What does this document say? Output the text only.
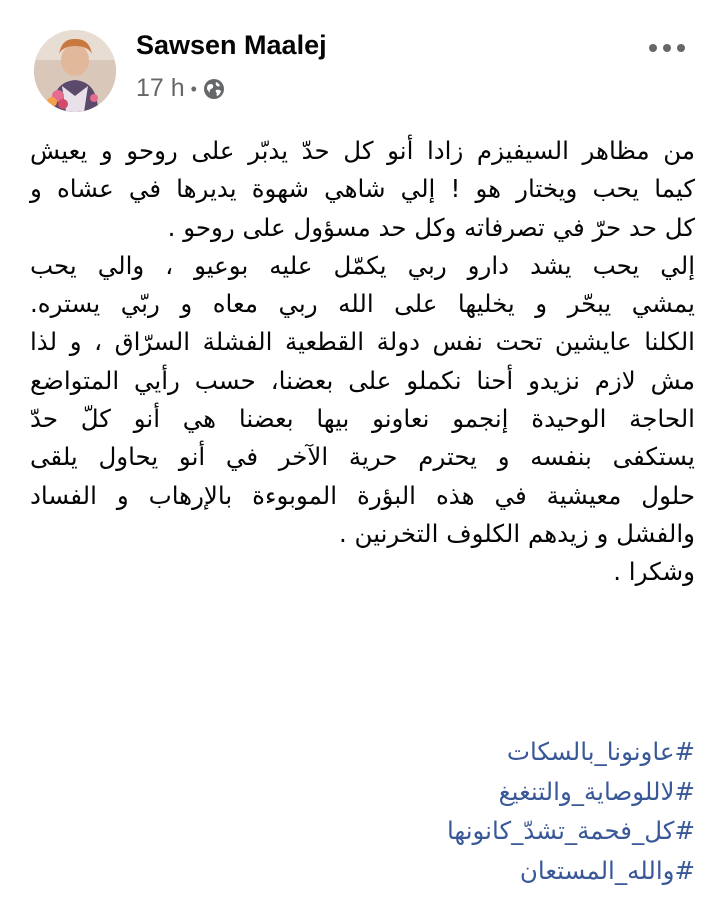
Sawsen Maalej
17 h •
من مظاهر السيفيزم زادا أنو كل حدّ يدبّر على روحو و يعيش
كيما يحب ويختار هو ! إلي شاهي شهوة يديرها في عشاه و
كل حد حرّ في تصرفاته وكل حد مسؤول على روحو .
إلي يحب يشد دارو ربي يكمّل عليه بوعيو ، والي يحب
يمشي يبحّر و يخليها على الله ربي معاه و ربّي يستره.
الكلنا عايشين تحت نفس دولة القطعية الفشلة السرّاق ، و لذا
مش لازم نزيدو أحنا نكملو على بعضنا، حسب رأيي المتواضع
الحاجة الوحيدة إنجمو نعاونو بيها بعضنا هي أنو كلّ حدّ
يستكفى بنفسه و يحترم حرية الآخر في أنو يحاول يلقى
حلول معيشية في هذه البؤرة الموبوءة بالإرهاب و الفساد
والفشل و زيدهم الكلوف التخرنين .
وشكرا .
#عاونونا_بالسكات
#لاللوصاية_والتنغيغ
#كل_فحمة_تشدّ_كانونها
#والله_المستعان
